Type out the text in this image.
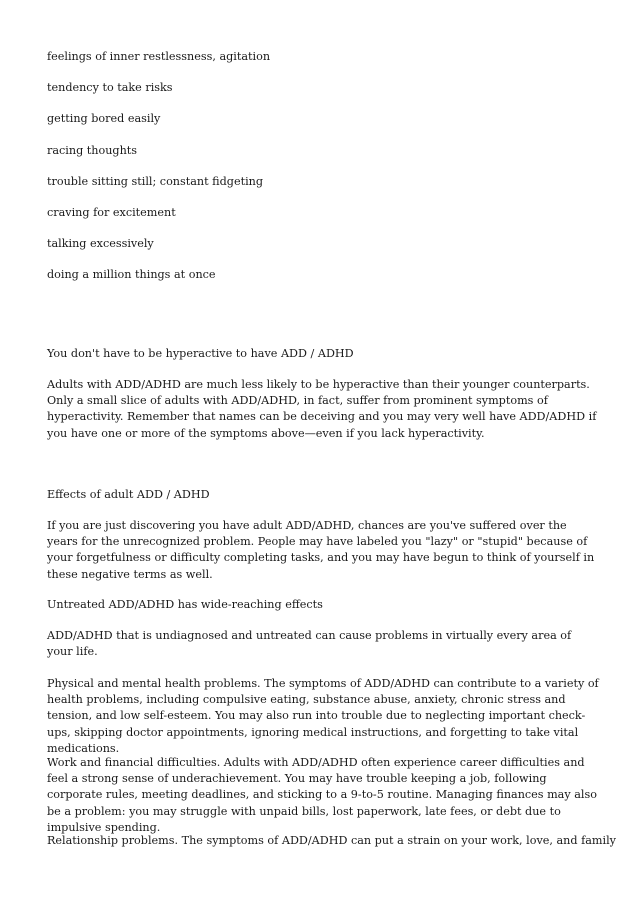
feelings of inner restlessness, agitation
tendency to take risks
getting bored easily
racing thoughts
trouble sitting still; constant fidgeting
craving for excitement
talking excessively
doing a million things at once
You don't have to be hyperactive to have ADD / ADHD
Adults with ADD/ADHD are much less likely to be hyperactive than their younger counterparts. Only a small slice of adults with ADD/ADHD, in fact, suffer from prominent symptoms of hyperactivity. Remember that names can be deceiving and you may very well have ADD/ADHD if you have one or more of the symptoms above—even if you lack hyperactivity.
Effects of adult ADD / ADHD
If you are just discovering you have adult ADD/ADHD, chances are you've suffered over the years for the unrecognized problem. People may have labeled you "lazy" or "stupid" because of your forgetfulness or difficulty completing tasks, and you may have begun to think of yourself in these negative terms as well.
Untreated ADD/ADHD has wide-reaching effects
ADD/ADHD that is undiagnosed and untreated can cause problems in virtually every area of your life.
Physical and mental health problems. The symptoms of ADD/ADHD can contribute to a variety of health problems, including compulsive eating, substance abuse, anxiety, chronic stress and tension, and low self-esteem. You may also run into trouble due to neglecting important check-ups, skipping doctor appointments, ignoring medical instructions, and forgetting to take vital medications.
Work and financial difficulties. Adults with ADD/ADHD often experience career difficulties and feel a strong sense of underachievement. You may have trouble keeping a job, following corporate rules, meeting deadlines, and sticking to a 9-to-5 routine. Managing finances may also be a problem: you may struggle with unpaid bills, lost paperwork, late fees, or debt due to impulsive spending.
Relationship problems. The symptoms of ADD/ADHD can put a strain on your work, love, and family
